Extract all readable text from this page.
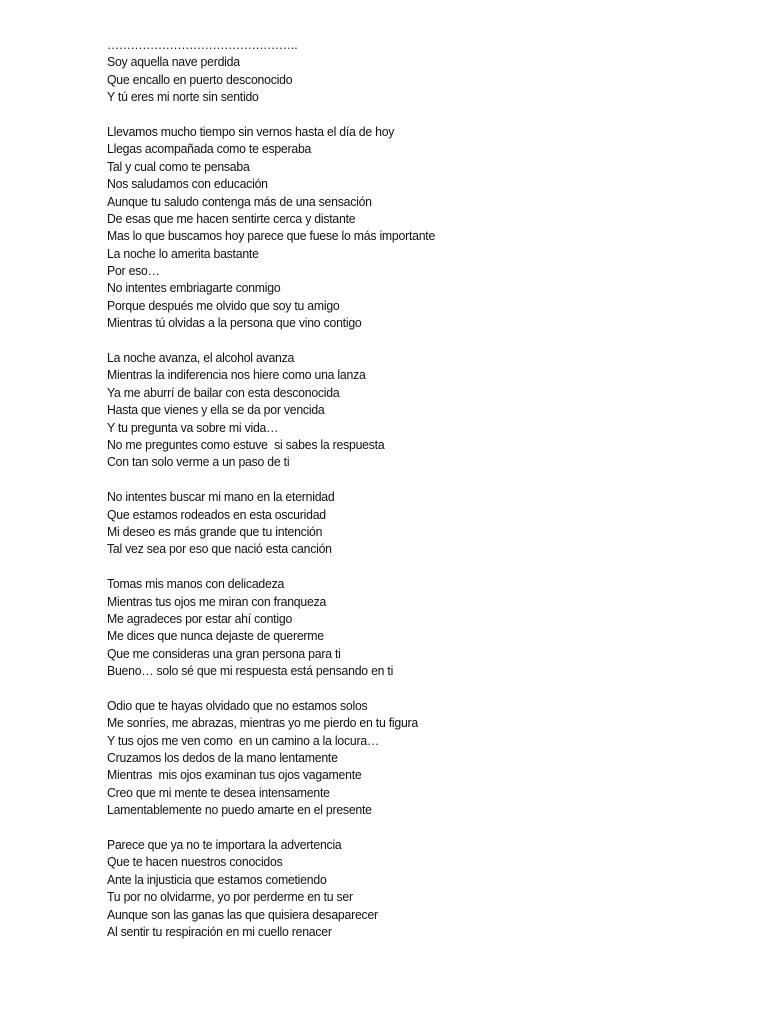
………………………………………….
Soy aquella nave perdida
Que encallo en puerto desconocido
Y tú eres mi norte sin sentido
Llevamos mucho tiempo sin vernos hasta el día de hoy
Llegas acompañada como te esperaba
Tal y cual como te pensaba
Nos saludamos con educación
Aunque tu saludo contenga más de una sensación
De esas que me hacen sentirte cerca y distante
Mas lo que buscamos hoy parece que fuese lo más importante
La noche lo amerita bastante
Por eso…
No intentes embriagarte conmigo
Porque después me olvido que soy tu amigo
Mientras tú olvidas a la persona que vino contigo
La noche avanza, el alcohol avanza
Mientras la indiferencia nos hiere como una lanza
Ya me aburrí de bailar con esta desconocida
Hasta que vienes y ella se da por vencida
Y tu pregunta va sobre mi vida…
No me preguntes como estuve  si sabes la respuesta
Con tan solo verme a un paso de ti
No intentes buscar mi mano en la eternidad
Que estamos rodeados en esta oscuridad
Mi deseo es más grande que tu intención
Tal vez sea por eso que nació esta canción
Tomas mis manos con delicadeza
Mientras tus ojos me miran con franqueza
Me agradeces por estar ahí contigo
Me dices que nunca dejaste de quererme
Que me consideras una gran persona para ti
Bueno… solo sé que mi respuesta está pensando en ti
Odio que te hayas olvidado que no estamos solos
Me sonríes, me abrazas, mientras yo me pierdo en tu figura
Y tus ojos me ven como  en un camino a la locura…
Cruzamos los dedos de la mano lentamente
Mientras  mis ojos examinan tus ojos vagamente
Creo que mi mente te desea intensamente
Lamentablemente no puedo amarte en el presente
Parece que ya no te importara la advertencia
Que te hacen nuestros conocidos
Ante la injusticia que estamos cometiendo
Tu por no olvidarme, yo por perderme en tu ser
Aunque son las ganas las que quisiera desaparecer
Al sentir tu respiración en mi cuello renacer
